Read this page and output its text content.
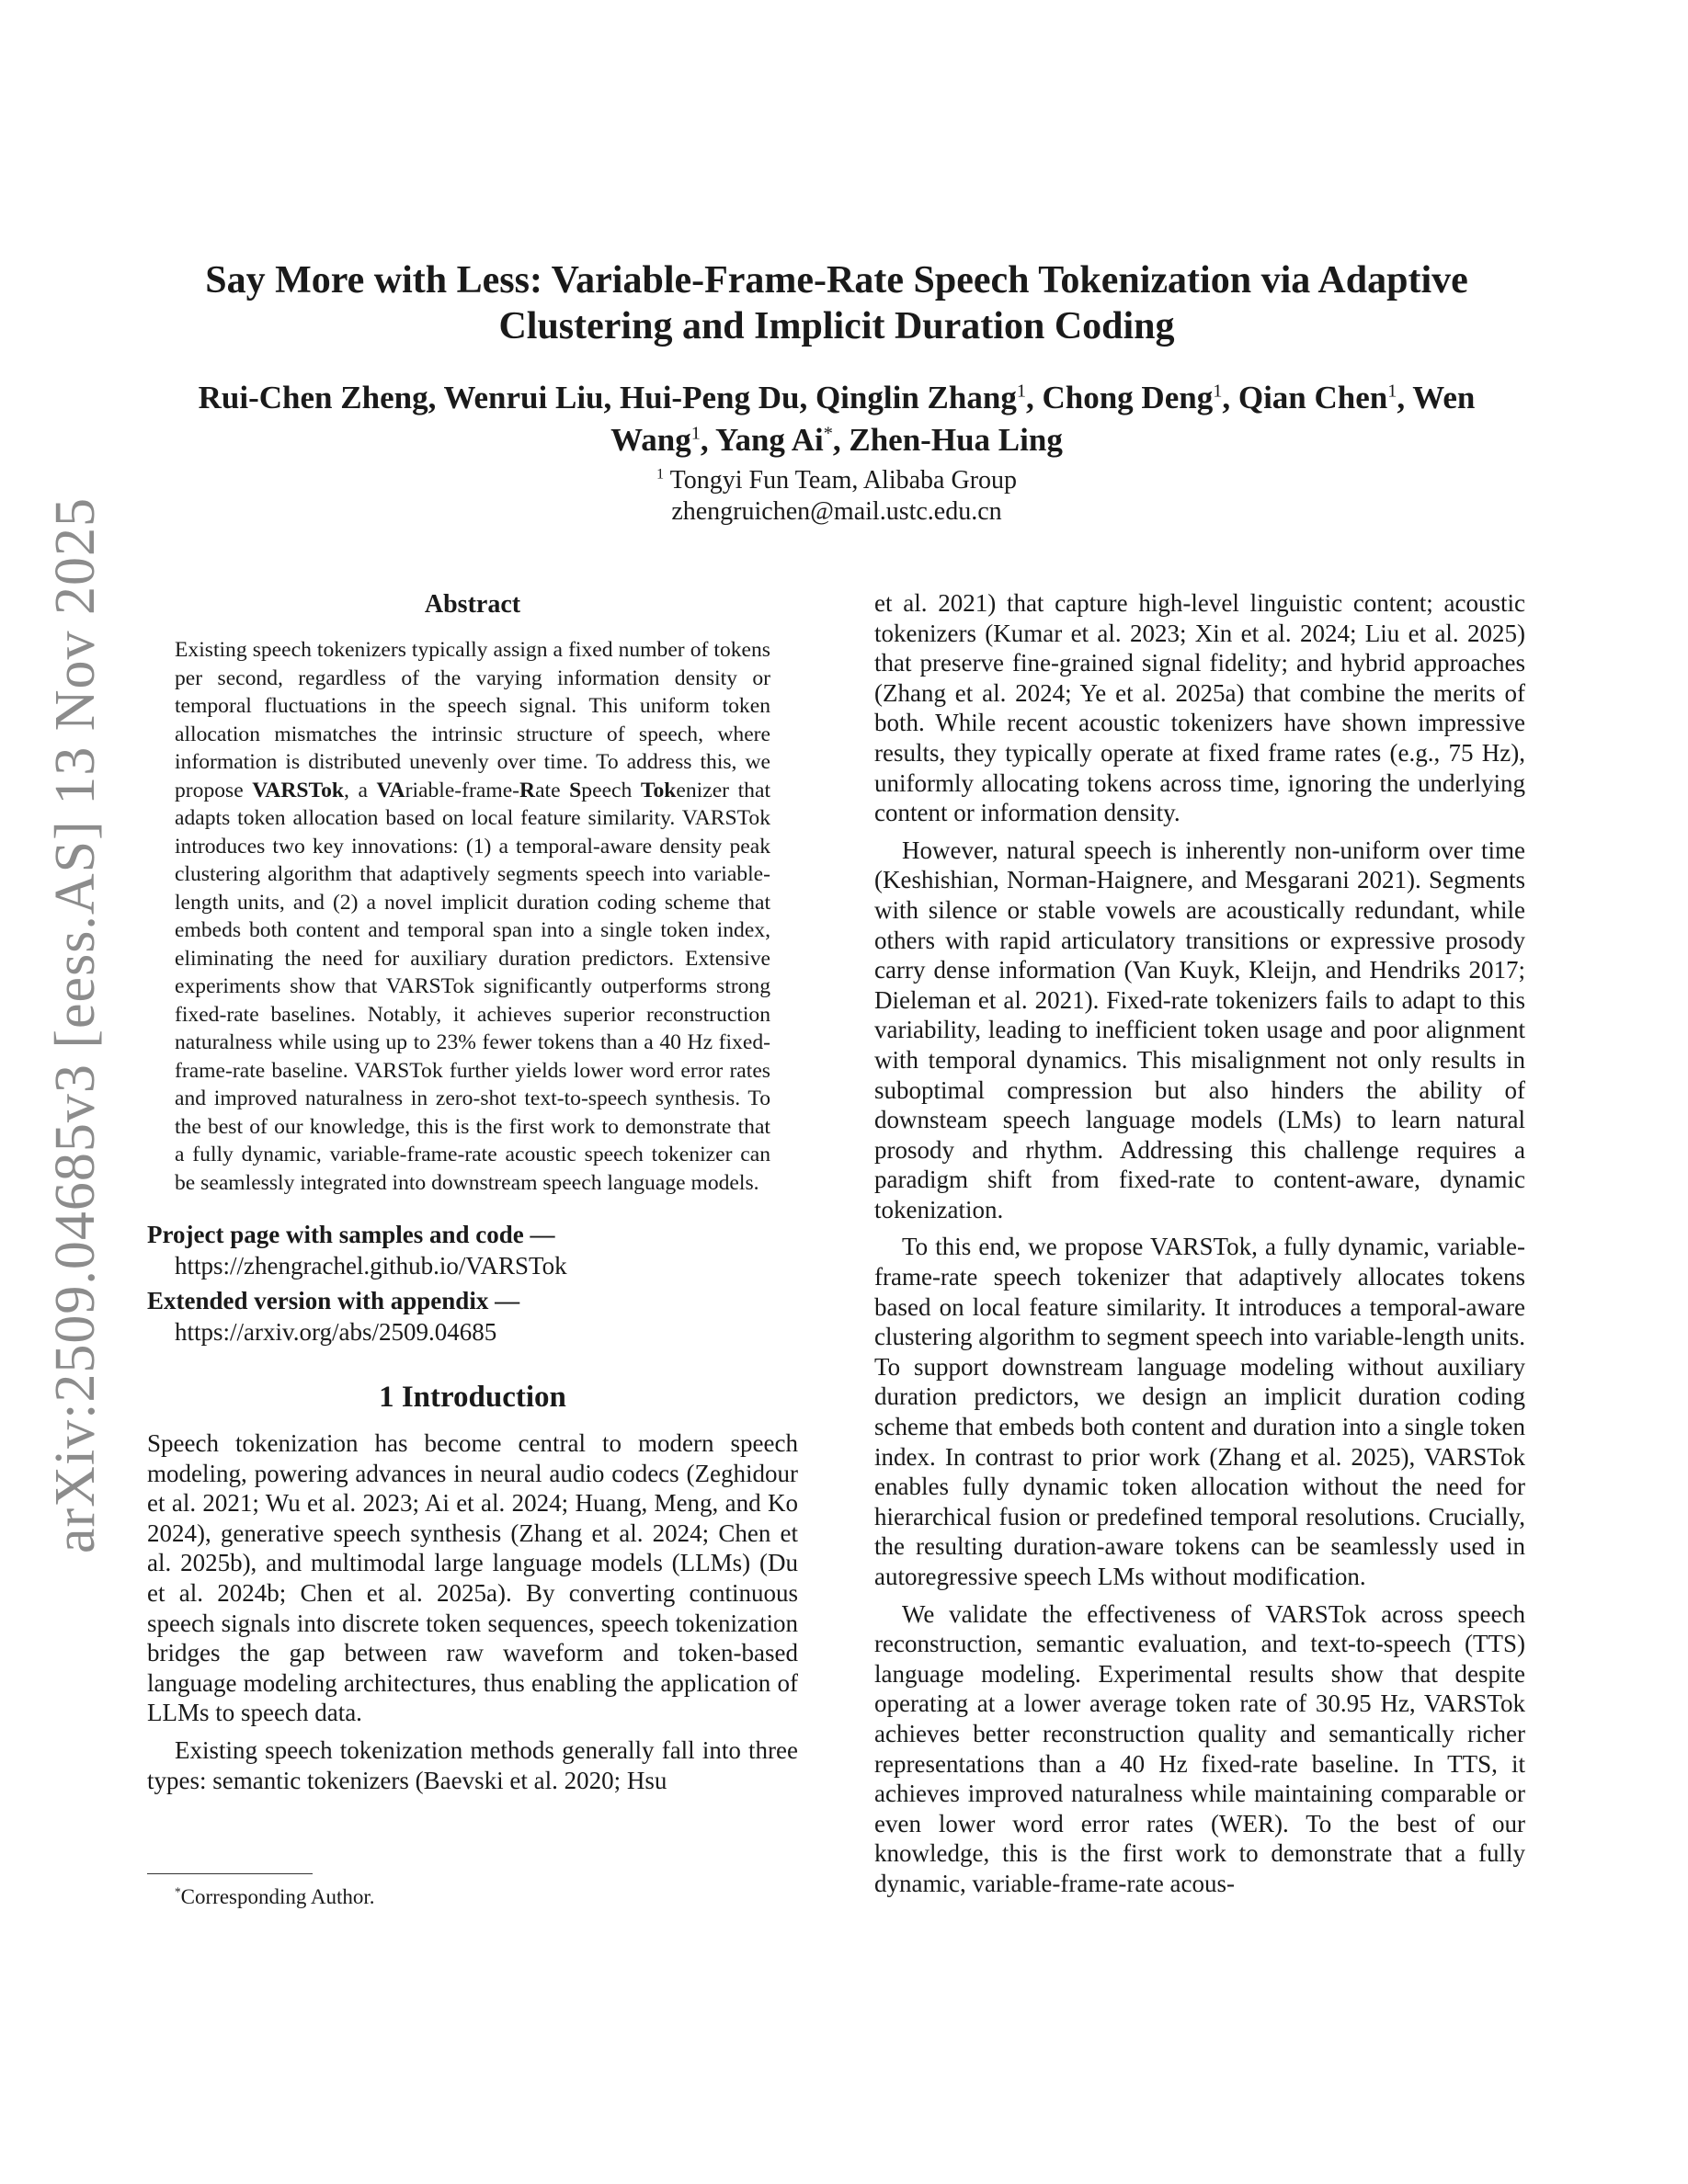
arXiv:2509.04685v3 [eess.AS] 13 Nov 2025
Say More with Less: Variable-Frame-Rate Speech Tokenization via Adaptive
Clustering and Implicit Duration Coding
Rui-Chen Zheng, Wenrui Liu, Hui-Peng Du, Qinglin Zhang$^1$, Chong Deng$^1$, Qian Chen$^1$, Wen
Wang$^1$, Yang Ai*, Zhen-Hua Ling
$^1$ Tongyi Fun Team, Alibaba Group
zhengruichen@mail.ustc.edu.cn
Abstract

Existing speech tokenizers typically assign a fixed number of tokens per second, regardless of the varying information density or temporal fluctuations in the speech signal. This uniform token allocation mismatches the intrinsic structure of speech, where information is distributed unevenly over time. To address this, we propose VARSTok, a VAriable-frame-Rate Speech Tokenizer that adapts token allocation based on local feature similarity. VARSTok introduces two key innovations: (1) a temporal-aware density peak clustering algorithm that adaptively segments speech into variable-length units, and (2) a novel implicit duration coding scheme that embeds both content and temporal span into a single token index, eliminating the need for auxiliary duration predictors. Extensive experiments show that VARSTok significantly outperforms strong fixed-rate baselines. Notably, it achieves superior reconstruction naturalness while using up to 23% fewer tokens than a 40 Hz fixed-frame-rate baseline. VARSTok further yields lower word error rates and improved naturalness in zero-shot text-to-speech synthesis. To the best of our knowledge, this is the first work to demonstrate that a fully dynamic, variable-frame-rate acoustic speech tokenizer can be seamlessly integrated into downstream speech language models.

Project page with samples and code —
https://zhengrachel.github.io/VARSTok
Extended version with appendix —
https://arxiv.org/abs/2509.04685
1 Introduction

Speech tokenization has become central to modern speech modeling, powering advances in neural audio codecs (Zeghidour et al. 2021; Wu et al. 2023; Ai et al. 2024; Huang, Meng, and Ko 2024), generative speech synthesis (Zhang et al. 2024; Chen et al. 2025b), and multimodal large language models (LLMs) (Du et al. 2024b; Chen et al. 2025a). By converting continuous speech signals into discrete token sequences, speech tokenization bridges the gap between raw waveform and token-based language modeling architectures, thus enabling the application of LLMs to speech data.

Existing speech tokenization methods generally fall into three types: semantic tokenizers (Baevski et al. 2020; Hsu

et al. 2021) that capture high-level linguistic content; acoustic tokenizers (Kumar et al. 2023; Xin et al. 2024; Liu et al. 2025) that preserve fine-grained signal fidelity; and hybrid approaches (Zhang et al. 2024; Ye et al. 2025a) that combine the merits of both. While recent acoustic tokenizers have shown impressive results, they typically operate at fixed frame rates (e.g., 75 Hz), uniformly allocating tokens across time, ignoring the underlying content or information density.

However, natural speech is inherently non-uniform over time (Keshishian, Norman-Haignere, and Mesgarani 2021). Segments with silence or stable vowels are acoustically redundant, while others with rapid articulatory transitions or expressive prosody carry dense information (Van Kuyk, Kleijn, and Hendriks 2017; Dieleman et al. 2021). Fixed-rate tokenizers fails to adapt to this variability, leading to inefficient token usage and poor alignment with temporal dynamics. This misalignment not only results in suboptimal compression but also hinders the ability of downsteam speech language models (LMs) to learn natural prosody and rhythm. Addressing this challenge requires a paradigm shift from fixed-rate to content-aware, dynamic tokenization.

To this end, we propose VARSTok, a fully dynamic, variable-frame-rate speech tokenizer that adaptively allocates tokens based on local feature similarity. It introduces a temporal-aware clustering algorithm to segment speech into variable-length units. To support downstream language modeling without auxiliary duration predictors, we design an implicit duration coding scheme that embeds both content and duration into a single token index. In contrast to prior work (Zhang et al. 2025), VARSTok enables fully dynamic token allocation without the need for hierarchical fusion or predefined temporal resolutions. Crucially, the resulting duration-aware tokens can be seamlessly used in autoregressive speech LMs without modification.

We validate the effectiveness of VARSTok across speech reconstruction, semantic evaluation, and text-to-speech (TTS) language modeling. Experimental results show that despite operating at a lower average token rate of 30.95 Hz, VARSTok achieves better reconstruction quality and semantically richer representations than a 40 Hz fixed-rate baseline. In TTS, it achieves improved naturalness while maintaining comparable or even lower word error rates (WER). To the best of our knowledge, this is the first work to demonstrate that a fully dynamic, variable-frame-rate acous-

*Corresponding Author.
